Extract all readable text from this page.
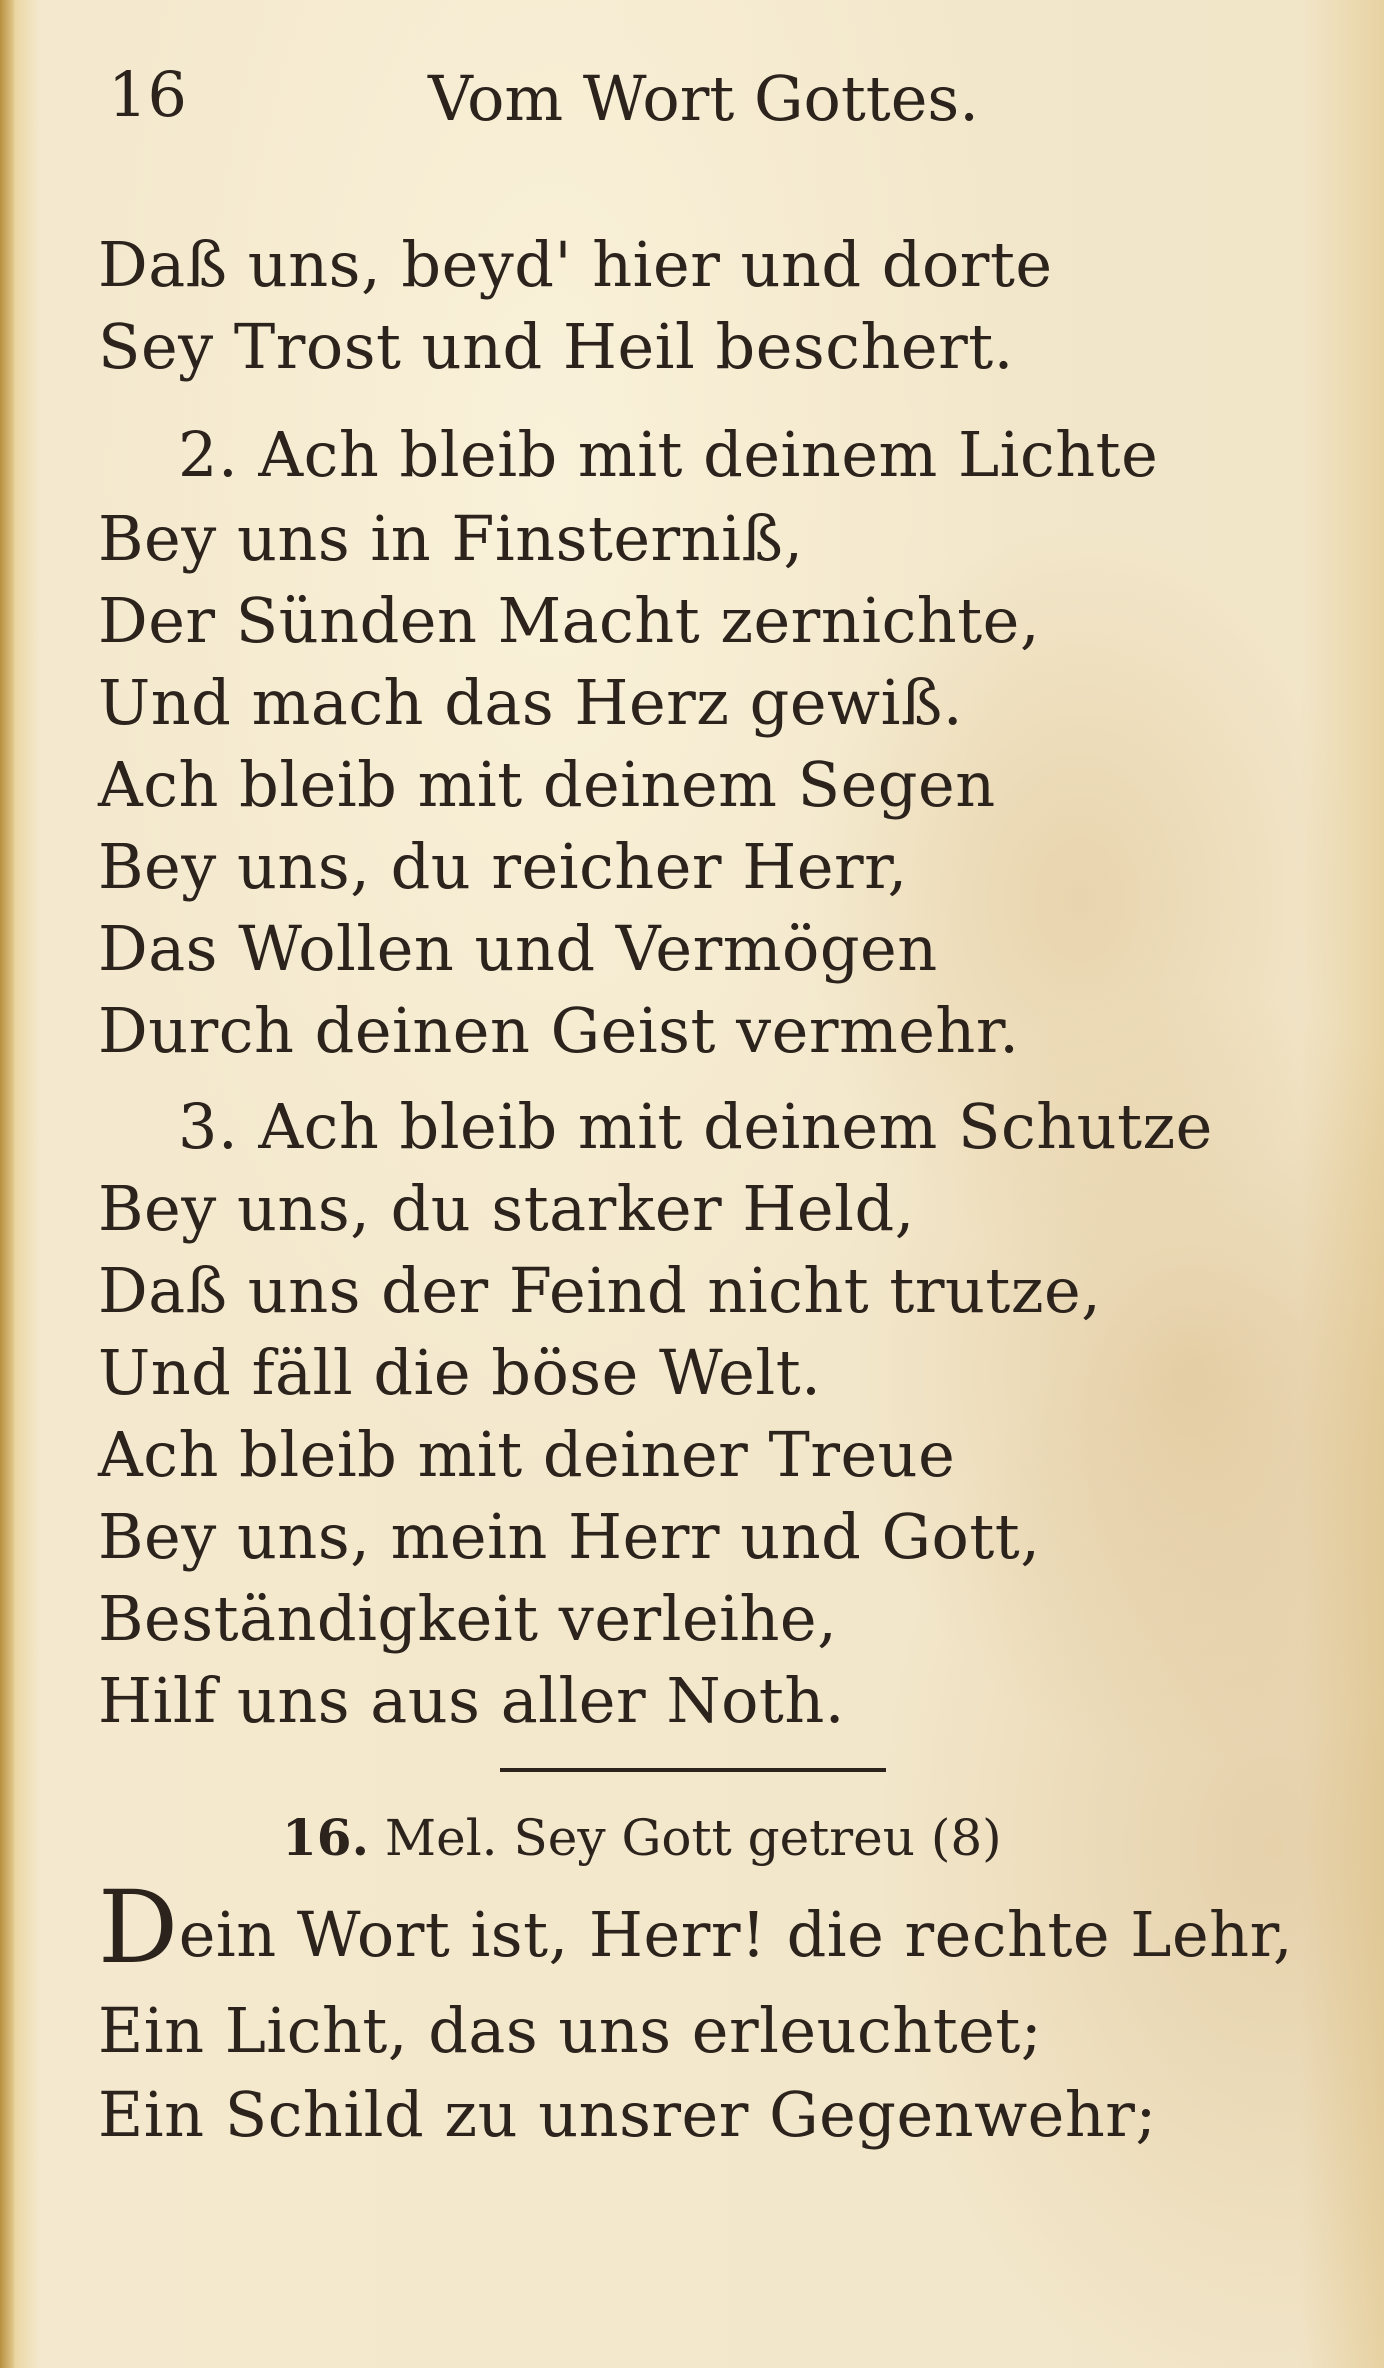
16	Vom Wort Gottes.
Daß uns, beyd' hier und dorte
Sey Trost und Heil beschert.
2. Ach bleib mit deinem Lichte
Bey uns in Finsterniß,
Der Sünden Macht zernichte,
Und mach das Herz gewiß.
Ach bleib mit deinem Segen
Bey uns, du reicher Herr,
Das Wollen und Vermögen
Durch deinen Geist vermehr.
3. Ach bleib mit deinem Schutze
Bey uns, du starker Held,
Daß uns der Feind nicht trutze,
Und fäll die böse Welt.
Ach bleib mit deiner Treue
Bey uns, mein Herr und Gott,
Beständigkeit verleihe,
Hilf uns aus aller Noth.
16. Mel. Sey Gott getreu (8)
Dein Wort ist, Herr! die rechte Lehr,
Ein Licht, das uns erleuchtet;
Ein Schild zu unsrer Gegenwehr;
